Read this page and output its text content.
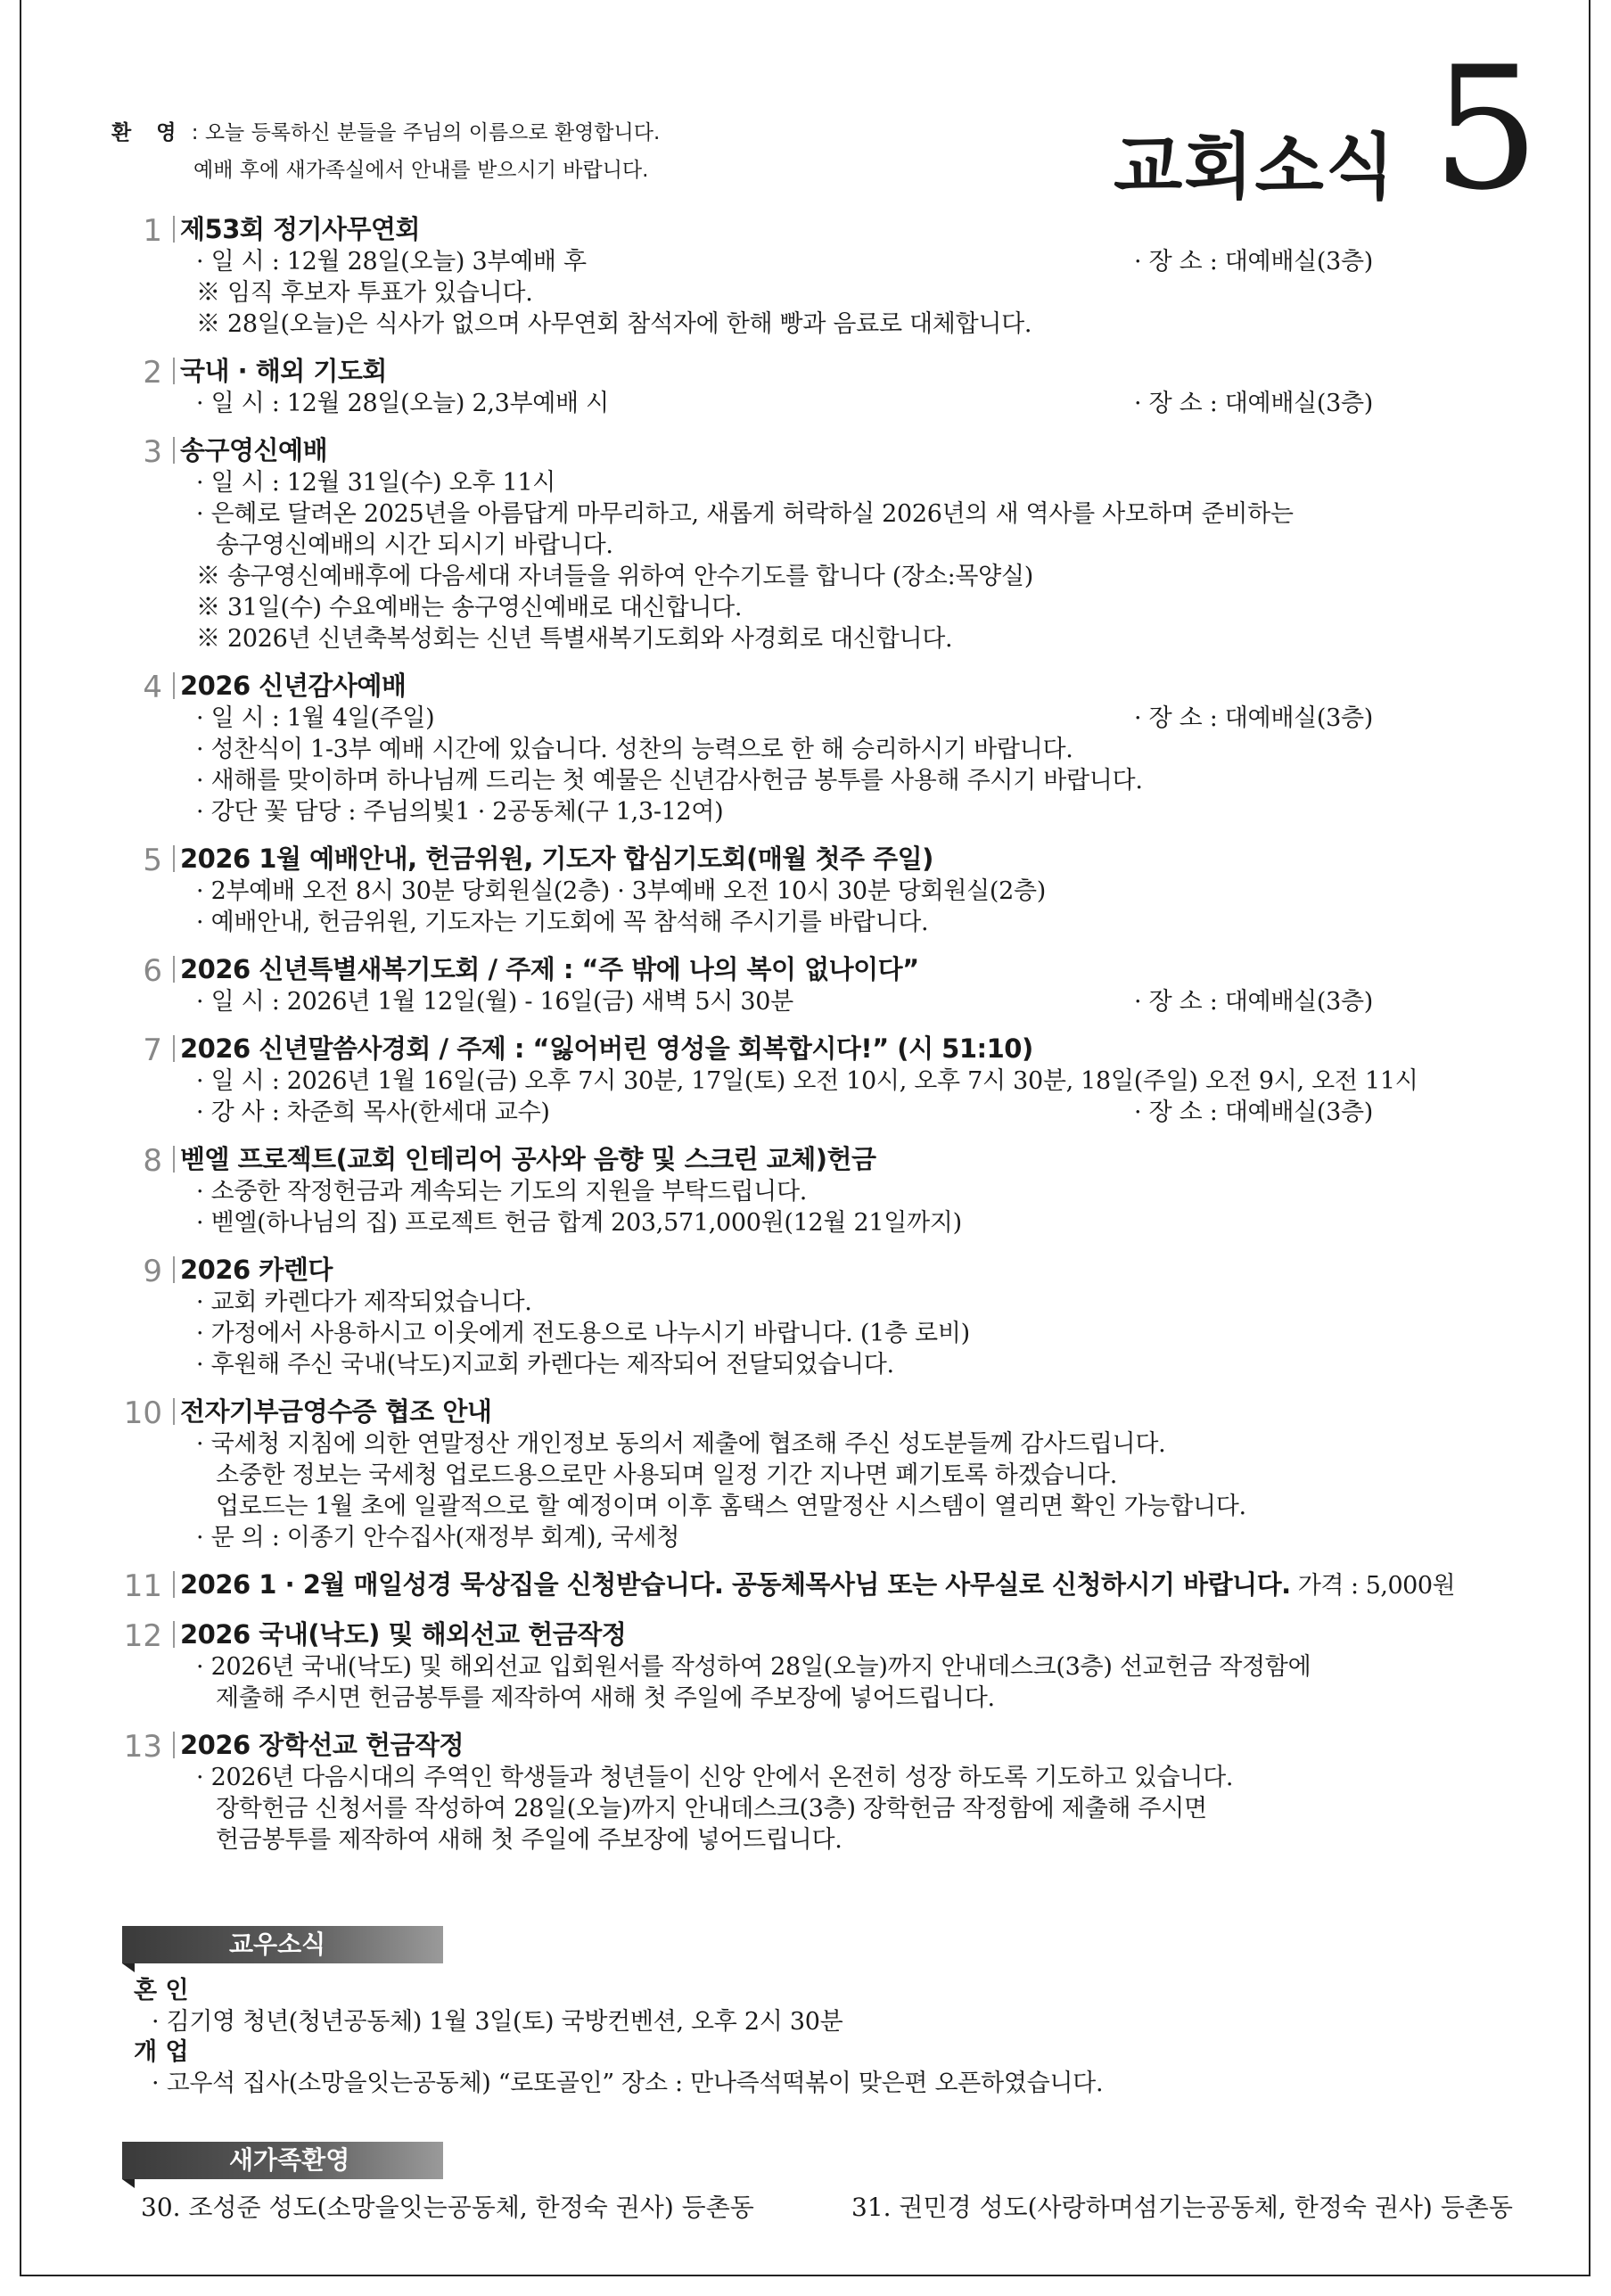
환 영 : 오늘 등록하신 분들을 주님의 이름으로 환영합니다.
예배 후에 새가족실에서 안내를 받으시기 바랍니다.	교회소식 5
1 제53회 정기사무연회
· 일 시 : 12월 28일(오늘) 3부예배 후	· 장 소 : 대예배실(3층)
※ 임직 후보자 투표가 있습니다.
※ 28일(오늘)은 식사가 없으며 사무연회 참석자에 한해 빵과 음료로 대체합니다.
2 국내 · 해외 기도회
· 일 시 : 12월 28일(오늘) 2,3부예배 시	· 장 소 : 대예배실(3층)
3 송구영신예배
· 일 시 : 12월 31일(수) 오후 11시
· 은혜로 달려온 2025년을 아름답게 마무리하고, 새롭게 허락하실 2026년의 새 역사를 사모하며 준비하는
송구영신예배의 시간 되시기 바랍니다.
※ 송구영신예배후에 다음세대 자녀들을 위하여 안수기도를 합니다 (장소:목양실)
※ 31일(수) 수요예배는 송구영신예배로 대신합니다.
※ 2026년 신년축복성회는 신년 특별새복기도회와 사경회로 대신합니다.
4 2026 신년감사예배
· 일 시 : 1월 4일(주일)	· 장 소 : 대예배실(3층)
· 성찬식이 1-3부 예배 시간에 있습니다. 성찬의 능력으로 한 해 승리하시기 바랍니다.
· 새해를 맞이하며 하나님께 드리는 첫 예물은 신년감사헌금 봉투를 사용해 주시기 바랍니다.
· 강단 꽃 담당 : 주님의빛1 · 2공동체(구 1,3-12여)
5 2026 1월 예배안내, 헌금위원, 기도자 합심기도회(매월 첫주 주일)
· 2부예배 오전 8시 30분 당회원실(2층) · 3부예배 오전 10시 30분 당회원실(2층)
· 예배안내, 헌금위원, 기도자는 기도회에 꼭 참석해 주시기를 바랍니다.
6 2026 신년특별새복기도회 / 주제 : “주 밖에 나의 복이 없나이다”
· 일 시 : 2026년 1월 12일(월) - 16일(금) 새벽 5시 30분	· 장 소 : 대예배실(3층)
7 2026 신년말씀사경회 / 주제 : “잃어버린 영성을 회복합시다!” (시 51:10)
· 일 시 : 2026년 1월 16일(금) 오후 7시 30분, 17일(토) 오전 10시, 오후 7시 30분, 18일(주일) 오전 9시, 오전 11시
· 강 사 : 차준희 목사(한세대 교수)	· 장 소 : 대예배실(3층)
8 벧엘 프로젝트(교회 인테리어 공사와 음향 및 스크린 교체)헌금
· 소중한 작정헌금과 계속되는 기도의 지원을 부탁드립니다.
· 벧엘(하나님의 집) 프로젝트 헌금 합계 203,571,000원(12월 21일까지)
9 2026 카렌다
· 교회 카렌다가 제작되었습니다.
· 가정에서 사용하시고 이웃에게 전도용으로 나누시기 바랍니다. (1층 로비)
· 후원해 주신 국내(낙도)지교회 카렌다는 제작되어 전달되었습니다.
10 전자기부금영수증 협조 안내
· 국세청 지침에 의한 연말정산 개인정보 동의서 제출에 협조해 주신 성도분들께 감사드립니다.
소중한 정보는 국세청 업로드용으로만 사용되며 일정 기간 지나면 폐기토록 하겠습니다.
업로드는 1월 초에 일괄적으로 할 예정이며 이후 홈택스 연말정산 시스템이 열리면 확인 가능합니다.
· 문 의 : 이종기 안수집사(재정부 회계), 국세청
11 2026 1 · 2월 매일성경 묵상집을 신청받습니다. 공동체목사님 또는 사무실로 신청하시기 바랍니다. 가격 : 5,000원
12 2026 국내(낙도) 및 해외선교 헌금작정
· 2026년 국내(낙도) 및 해외선교 입회원서를 작성하여 28일(오늘)까지 안내데스크(3층) 선교헌금 작정함에
제출해 주시면 헌금봉투를 제작하여 새해 첫 주일에 주보장에 넣어드립니다.
13 2026 장학선교 헌금작정
· 2026년 다음시대의 주역인 학생들과 청년들이 신앙 안에서 온전히 성장 하도록 기도하고 있습니다.
장학헌금 신청서를 작성하여 28일(오늘)까지 안내데스크(3층) 장학헌금 작정함에 제출해 주시면
헌금봉투를 제작하여 새해 첫 주일에 주보장에 넣어드립니다.
교우소식
혼 인
· 김기영 청년(청년공동체) 1월 3일(토) 국방컨벤션, 오후 2시 30분
개 업
· 고우석 집사(소망을잇는공동체) “로또골인” 장소 : 만나즉석떡볶이 맞은편 오픈하였습니다.
새가족환영
30. 조성준 성도(소망을잇는공동체, 한정숙 권사) 등촌동	31. 권민경 성도(사랑하며섬기는공동체, 한정숙 권사) 등촌동
